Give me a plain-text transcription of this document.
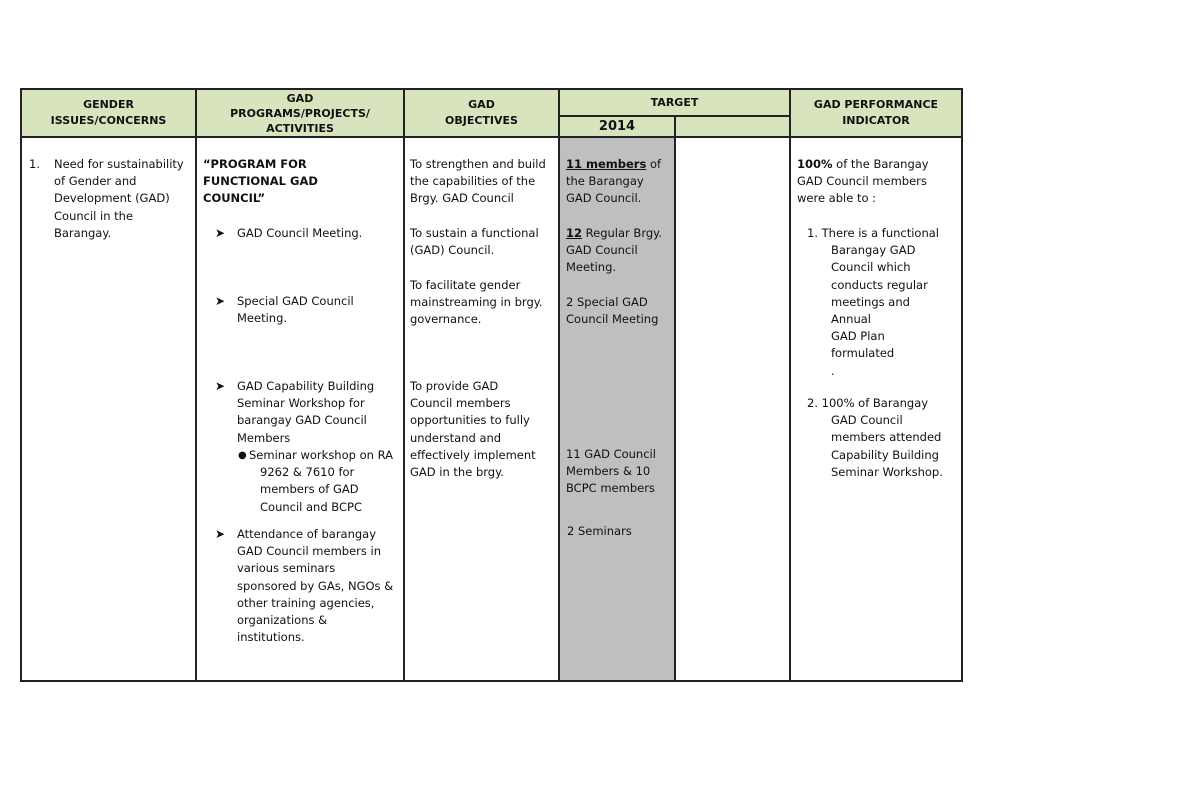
GENDER
ISSUES/CONCERNS
GAD
PROGRAMS/PROJECTS/
ACTIVITIES
GAD
OBJECTIVES
TARGET
2014
GAD PERFORMANCE
INDICATOR
1. Need for sustainability
of Gender and
Development (GAD)
Council in the
Barangay.
“PROGRAM FOR
FUNCTIONAL GAD
COUNCIL”
➤ GAD Council Meeting.
➤ Special GAD Council
Meeting.
➤ GAD Capability Building
Seminar Workshop for
barangay GAD Council
Members
● Seminar workshop on RA
9262 & 7610 for
members of GAD
Council and BCPC
➤ Attendance of barangay
GAD Council members in
various seminars
sponsored by GAs, NGOs &
other training agencies,
organizations &
institutions.
To strengthen and build
the capabilities of the
Brgy. GAD Council
To sustain a functional
(GAD) Council.
To facilitate gender
mainstreaming in brgy.
governance.
To provide GAD
Council members
opportunities to fully
understand and
effectively implement
GAD in the brgy.
11 members of
the Barangay
GAD Council.
12 Regular Brgy.
GAD Council
Meeting.
2 Special GAD
Council Meeting
11 GAD Council
Members & 10
BCPC members
2 Seminars
100% of the Barangay
GAD Council members
were able to :
1. There is a functional
Barangay GAD
Council which
conducts regular
meetings and
Annual
GAD Plan
formulated
.
2. 100% of Barangay
GAD Council
members attended
Capability Building
Seminar Workshop.
